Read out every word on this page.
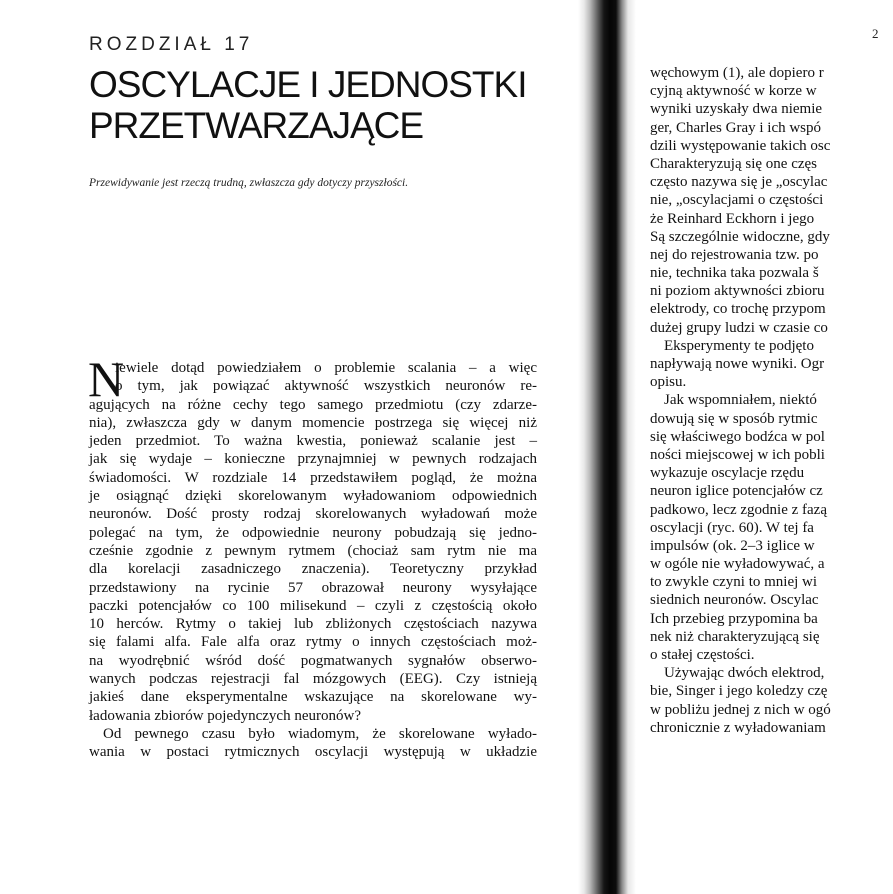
ROZDZIAŁ 17
OSCYLACJE I JEDNOSTKI
PRZETWARZAJĄCE
Przewidywanie jest rzeczą trudną, zwłaszcza gdy dotyczy przyszłości.
N
iewiele dotąd powiedziałem o problemie scalania – a więc
o tym, jak powiązać aktywność wszystkich neuronów re-
agujących na różne cechy tego samego przedmiotu (czy zdarze-
nia), zwłaszcza gdy w danym momencie postrzega się więcej niż
jeden przedmiot. To ważna kwestia, ponieważ scalanie jest –
jak się wydaje – konieczne przynajmniej w pewnych rodzajach
świadomości. W rozdziale 14 przedstawiłem pogląd, że można
je osiągnąć dzięki skorelowanym wyładowaniom odpowiednich
neuronów. Dość prosty rodzaj skorelowanych wyładowań może
polegać na tym, że odpowiednie neurony pobudzają się jedno-
cześnie zgodnie z pewnym rytmem (chociaż sam rytm nie ma
dla korelacji zasadniczego znaczenia). Teoretyczny przykład
przedstawiony na rycinie 57 obrazował neurony wysyłające
paczki potencjałów co 100 milisekund – czyli z częstością około
10 herców. Rytmy o takiej lub zbliżonych częstościach nazywa
się falami alfa. Fale alfa oraz rytmy o innych częstościach moż-
na wyodrębnić wśród dość pogmatwanych sygnałów obserwo-
wanych podczas rejestracji fal mózgowych (EEG). Czy istnieją
jakieś dane eksperymentalne wskazujące na skorelowane wy-
ładowania zbiorów pojedynczych neuronów?
Od pewnego czasu było wiadomym, że skorelowane wyłado-
wania w postaci rytmicznych oscylacji występują w układzie
2
węchowym (1), ale dopiero r
cyjną aktywność w korze w
wyniki uzyskały dwa niemie
ger, Charles Gray i ich wspó
dzili występowanie takich osc
Charakteryzują się one częs
często nazywa się je „oscylac
nie, „oscylacjami o częstości
że Reinhard Eckhorn i jego
Są szczególnie widoczne, gdy
nej do rejestrowania tzw. po
nie, technika taka pozwala š
ni poziom aktywności zbioru
elektrody, co trochę przypom
dużej grupy ludzi w czasie co
Eksperymenty te podjęto
napływają nowe wyniki. Ogr
opisu.
Jak wspomniałem, niektó
dowują się w sposób rytmic
się właściwego bodźca w pol
ności miejscowej w ich pobli
wykazuje oscylacje rzędu
neuron iglice potencjałów cz
padkowo, lecz zgodnie z fazą
oscylacji (ryc. 60). W tej fa
impulsów (ok. 2–3 iglice w
w ogóle nie wyładowywać, a
to zwykle czyni to mniej wi
siednich neuronów. Oscylac
Ich przebieg przypomina ba
nek niż charakteryzującą się
o stałej częstości.
Używając dwóch elektrod,
bie, Singer i jego koledzy czę
w pobliżu jednej z nich w ogó
chronicznie z wyładowaniam
